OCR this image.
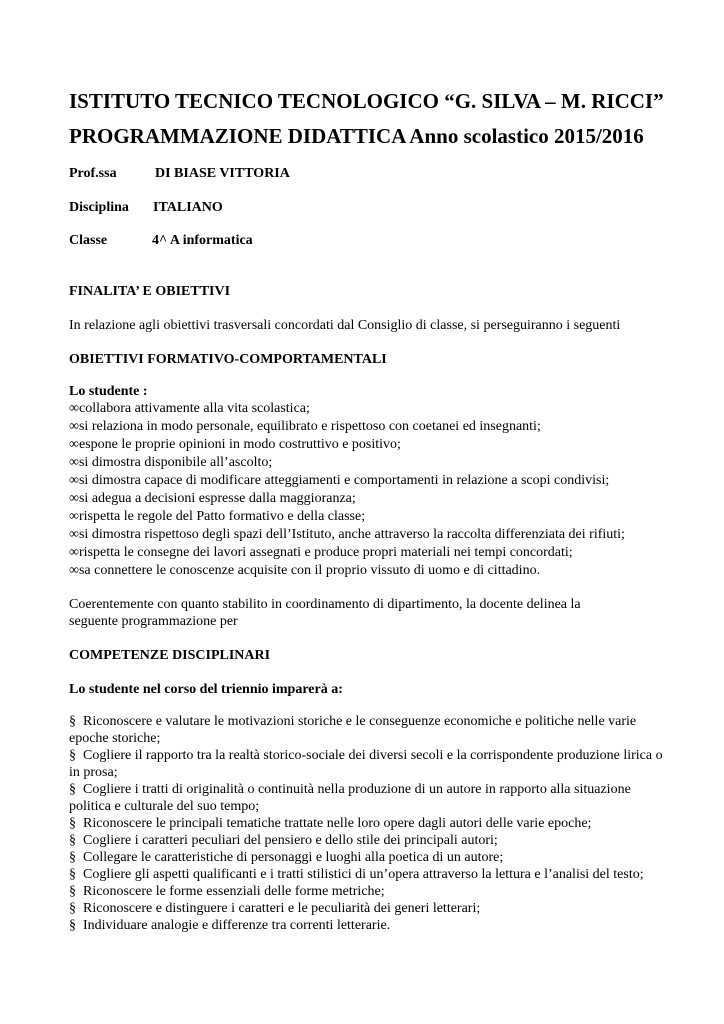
ISTITUTO TECNICO TECNOLOGICO “G. SILVA – M. RICCI”
PROGRAMMAZIONE DIDATTICA Anno scolastico 2015/2016
Prof.ssa	DI BIASE VITTORIA
Disciplina ITALIANO
Classe	4^ A informatica
FINALITA’ E OBIETTIVI
In relazione agli obiettivi trasversali concordati dal Consiglio di classe, si perseguiranno i seguenti
OBIETTIVI FORMATIVO-COMPORTAMENTALI
Lo studente :
∞collabora attivamente alla vita scolastica;
∞si relaziona in modo personale, equilibrato e rispettoso con coetanei ed insegnanti;
∞espone le proprie opinioni in modo costruttivo e positivo;
∞si dimostra disponibile all’ascolto;
∞si dimostra capace di modificare atteggiamenti e comportamenti in relazione a scopi condivisi;
∞si adegua a decisioni espresse dalla maggioranza;
∞rispetta le regole del Patto formativo e della classe;
∞si dimostra rispettoso degli spazi dell’Istituto, anche attraverso la raccolta differenziata dei rifiuti;
∞rispetta le consegne dei lavori assegnati e produce propri materiali nei tempi concordati;
∞sa connettere le conoscenze acquisite con il proprio vissuto di uomo e di cittadino.
Coerentemente con quanto stabilito in coordinamento di dipartimento, la docente delinea la
seguente programmazione per
COMPETENZE DISCIPLINARI
Lo studente nel corso del triennio imparerà a:
§ Riconoscere e valutare le motivazioni storiche e le conseguenze economiche e politiche nelle varie epoche storiche;
§ Cogliere il rapporto tra la realtà storico-sociale dei diversi secoli e la corrispondente produzione lirica o in prosa;
§ Cogliere i tratti di originalità o continuità nella produzione di un autore in rapporto alla situazione politica e culturale del suo tempo;
§ Riconoscere le principali tematiche trattate nelle loro opere dagli autori delle varie epoche;
§ Cogliere i caratteri peculiari del pensiero e dello stile dei principali autori;
§ Collegare le caratteristiche di personaggi e luoghi alla poetica di un autore;
§ Cogliere gli aspetti qualificanti e i tratti stilistici di un’opera attraverso la lettura e l’analisi del testo;
§ Riconoscere le forme essenziali delle forme metriche;
§ Riconoscere e distinguere i caratteri e le peculiarità dei generi letterari;
§ Individuare analogie e differenze tra correnti letterarie.
